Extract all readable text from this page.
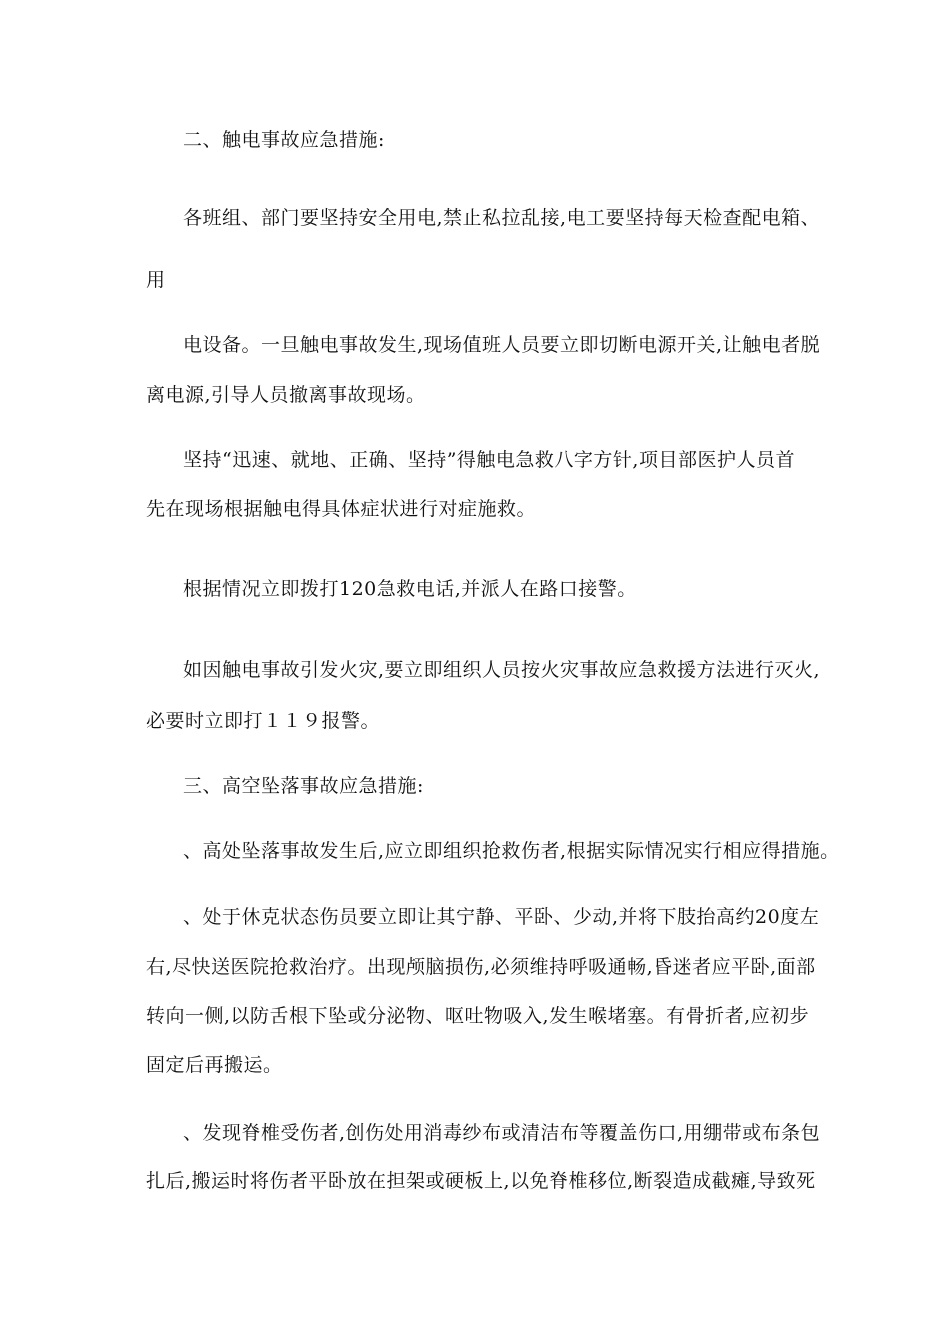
二、触电事故应急措施:
各班组、部门要坚持安全用电,禁止私拉乱接,电工要坚持每天检查配电箱、
用
电设备。一旦触电事故发生,现场值班人员要立即切断电源开关,让触电者脱
离电源,引导人员撤离事故现场。
坚持“迅速、就地、正确、坚持”得触电急救八字方针,项目部医护人员首
先在现场根据触电得具体症状进行对症施救。
根据情况立即拨打120急救电话,并派人在路口接警。
如因触电事故引发火灾,要立即组织人员按火灾事故应急救援方法进行灭火,
必要时立即打１１９报警。
三、高空坠落事故应急措施:
、高处坠落事故发生后,应立即组织抢救伤者,根据实际情况实行相应得措施。
、处于休克状态伤员要立即让其宁静、平卧、少动,并将下肢抬高约20度左
右,尽快送医院抢救治疗。出现颅脑损伤,必须维持呼吸通畅,昏迷者应平卧,面部
转向一侧,以防舌根下坠或分泌物、呕吐物吸入,发生喉堵塞。有骨折者,应初步
固定后再搬运。
、发现脊椎受伤者,创伤处用消毒纱布或清洁布等覆盖伤口,用绷带或布条包
扎后,搬运时将伤者平卧放在担架或硬板上,以免脊椎移位,断裂造成截瘫,导致死
